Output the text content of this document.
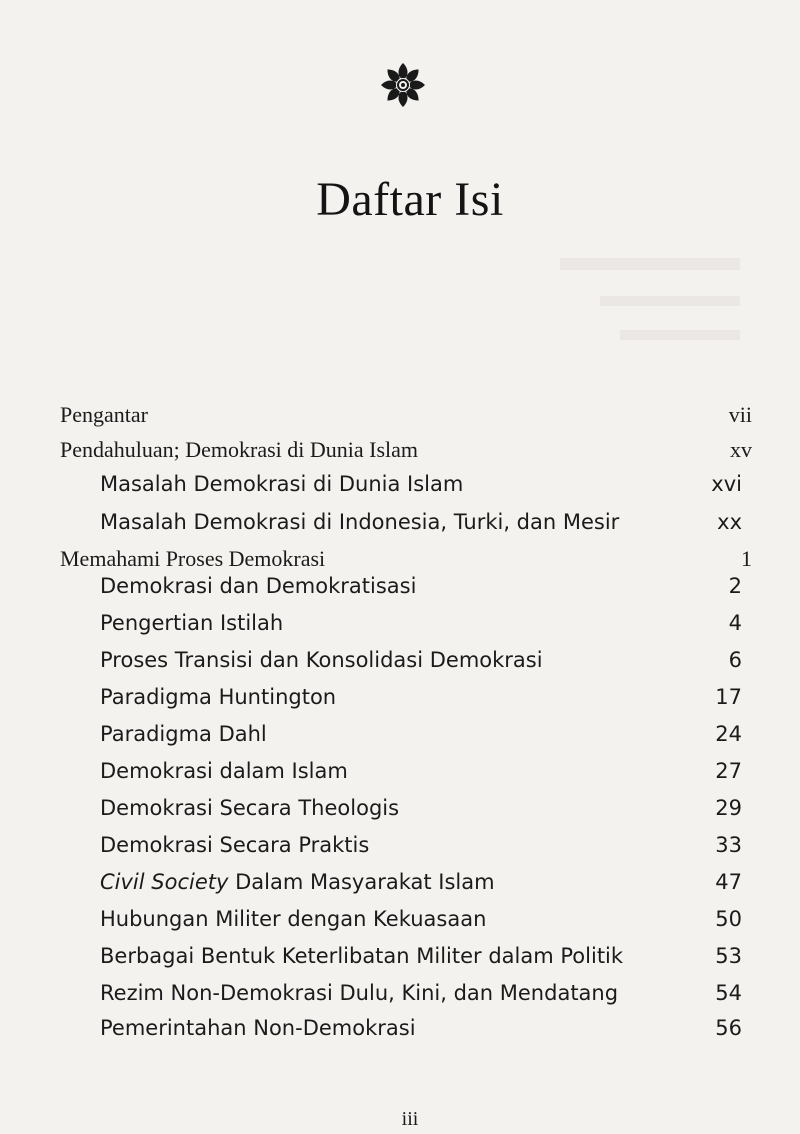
Daftar Isi
Pengantar	vii
Pendahuluan; Demokrasi di Dunia Islam	xv
Masalah Demokrasi di Dunia Islam	xvi
Masalah Demokrasi di Indonesia, Turki, dan Mesir	xx
Memahami Proses Demokrasi	1
Demokrasi dan Demokratisasi	2
Pengertian Istilah	4
Proses Transisi dan Konsolidasi Demokrasi	6
Paradigma Huntington	17
Paradigma Dahl	24
Demokrasi dalam Islam	27
Demokrasi Secara Theologis	29
Demokrasi Secara Praktis	33
Civil Society Dalam Masyarakat Islam	47
Hubungan Militer dengan Kekuasaan	50
Berbagai Bentuk Keterlibatan Militer dalam Politik	53
Rezim Non-Demokrasi Dulu, Kini, dan Mendatang	54
Pemerintahan Non-Demokrasi	56
iii
